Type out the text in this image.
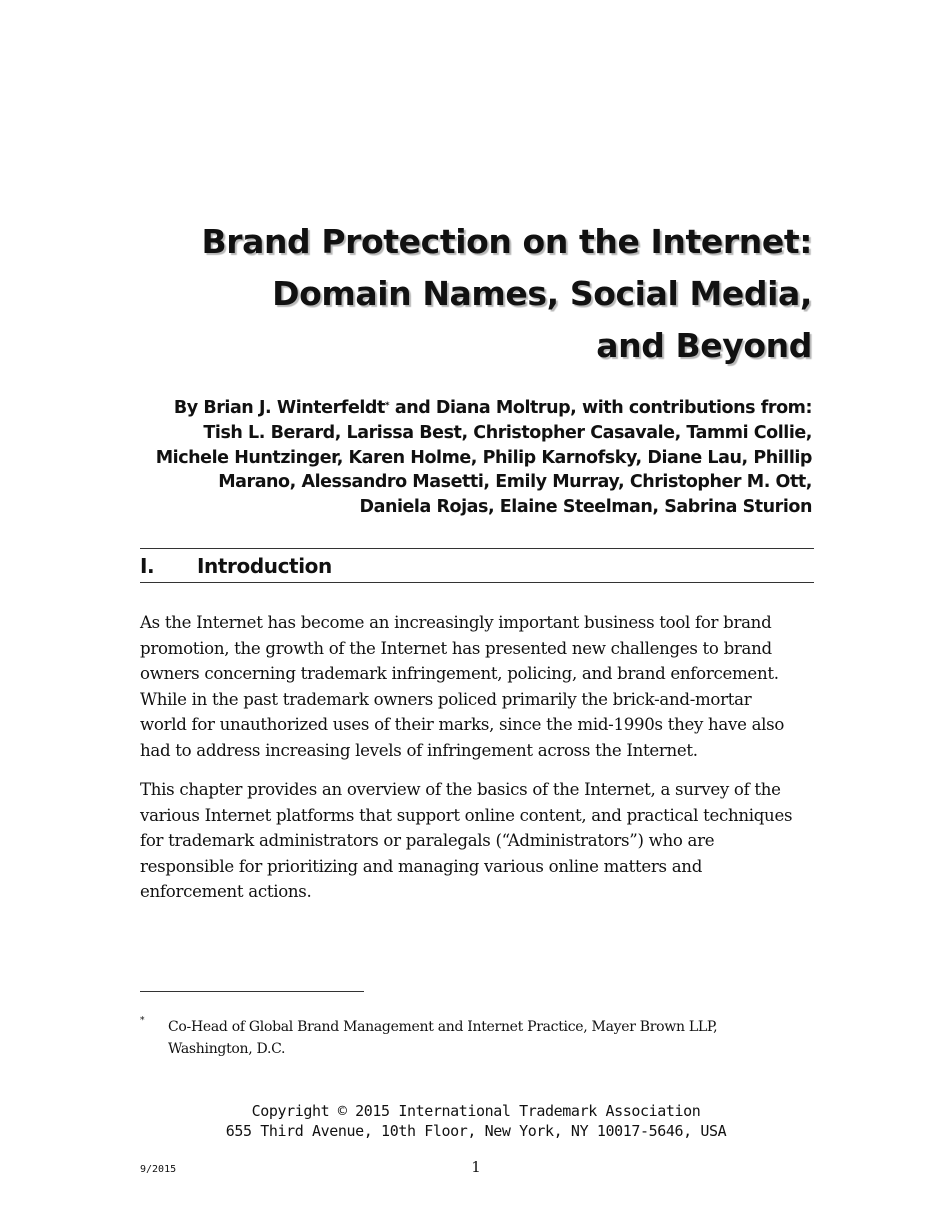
Brand Protection on the Internet:
Domain Names, Social Media,
and Beyond
By Brian J. Winterfeldt* and Diana Moltrup, with contributions from:
Tish L. Berard, Larissa Best, Christopher Casavale, Tammi Collie,
Michele Huntzinger, Karen Holme, Philip Karnofsky, Diane Lau, Phillip
Marano, Alessandro Masetti, Emily Murray, Christopher M. Ott,
Daniela Rojas, Elaine Steelman, Sabrina Sturion
I. Introduction
As the Internet has become an increasingly important business tool for brand
promotion, the growth of the Internet has presented new challenges to brand
owners concerning trademark infringement, policing, and brand enforcement.
While in the past trademark owners policed primarily the brick-and-mortar
world for unauthorized uses of their marks, since the mid-1990s they have also
had to address increasing levels of infringement across the Internet.
This chapter provides an overview of the basics of the Internet, a survey of the
various Internet platforms that support online content, and practical techniques
for trademark administrators or paralegals (“Administrators”) who are
responsible for prioritizing and managing various online matters and
enforcement actions.
* Co-Head of Global Brand Management and Internet Practice, Mayer Brown LLP,
Washington, D.C.
Copyright © 2015 International Trademark Association
655 Third Avenue, 10th Floor, New York, NY 10017-5646, USA
9/2015	1
